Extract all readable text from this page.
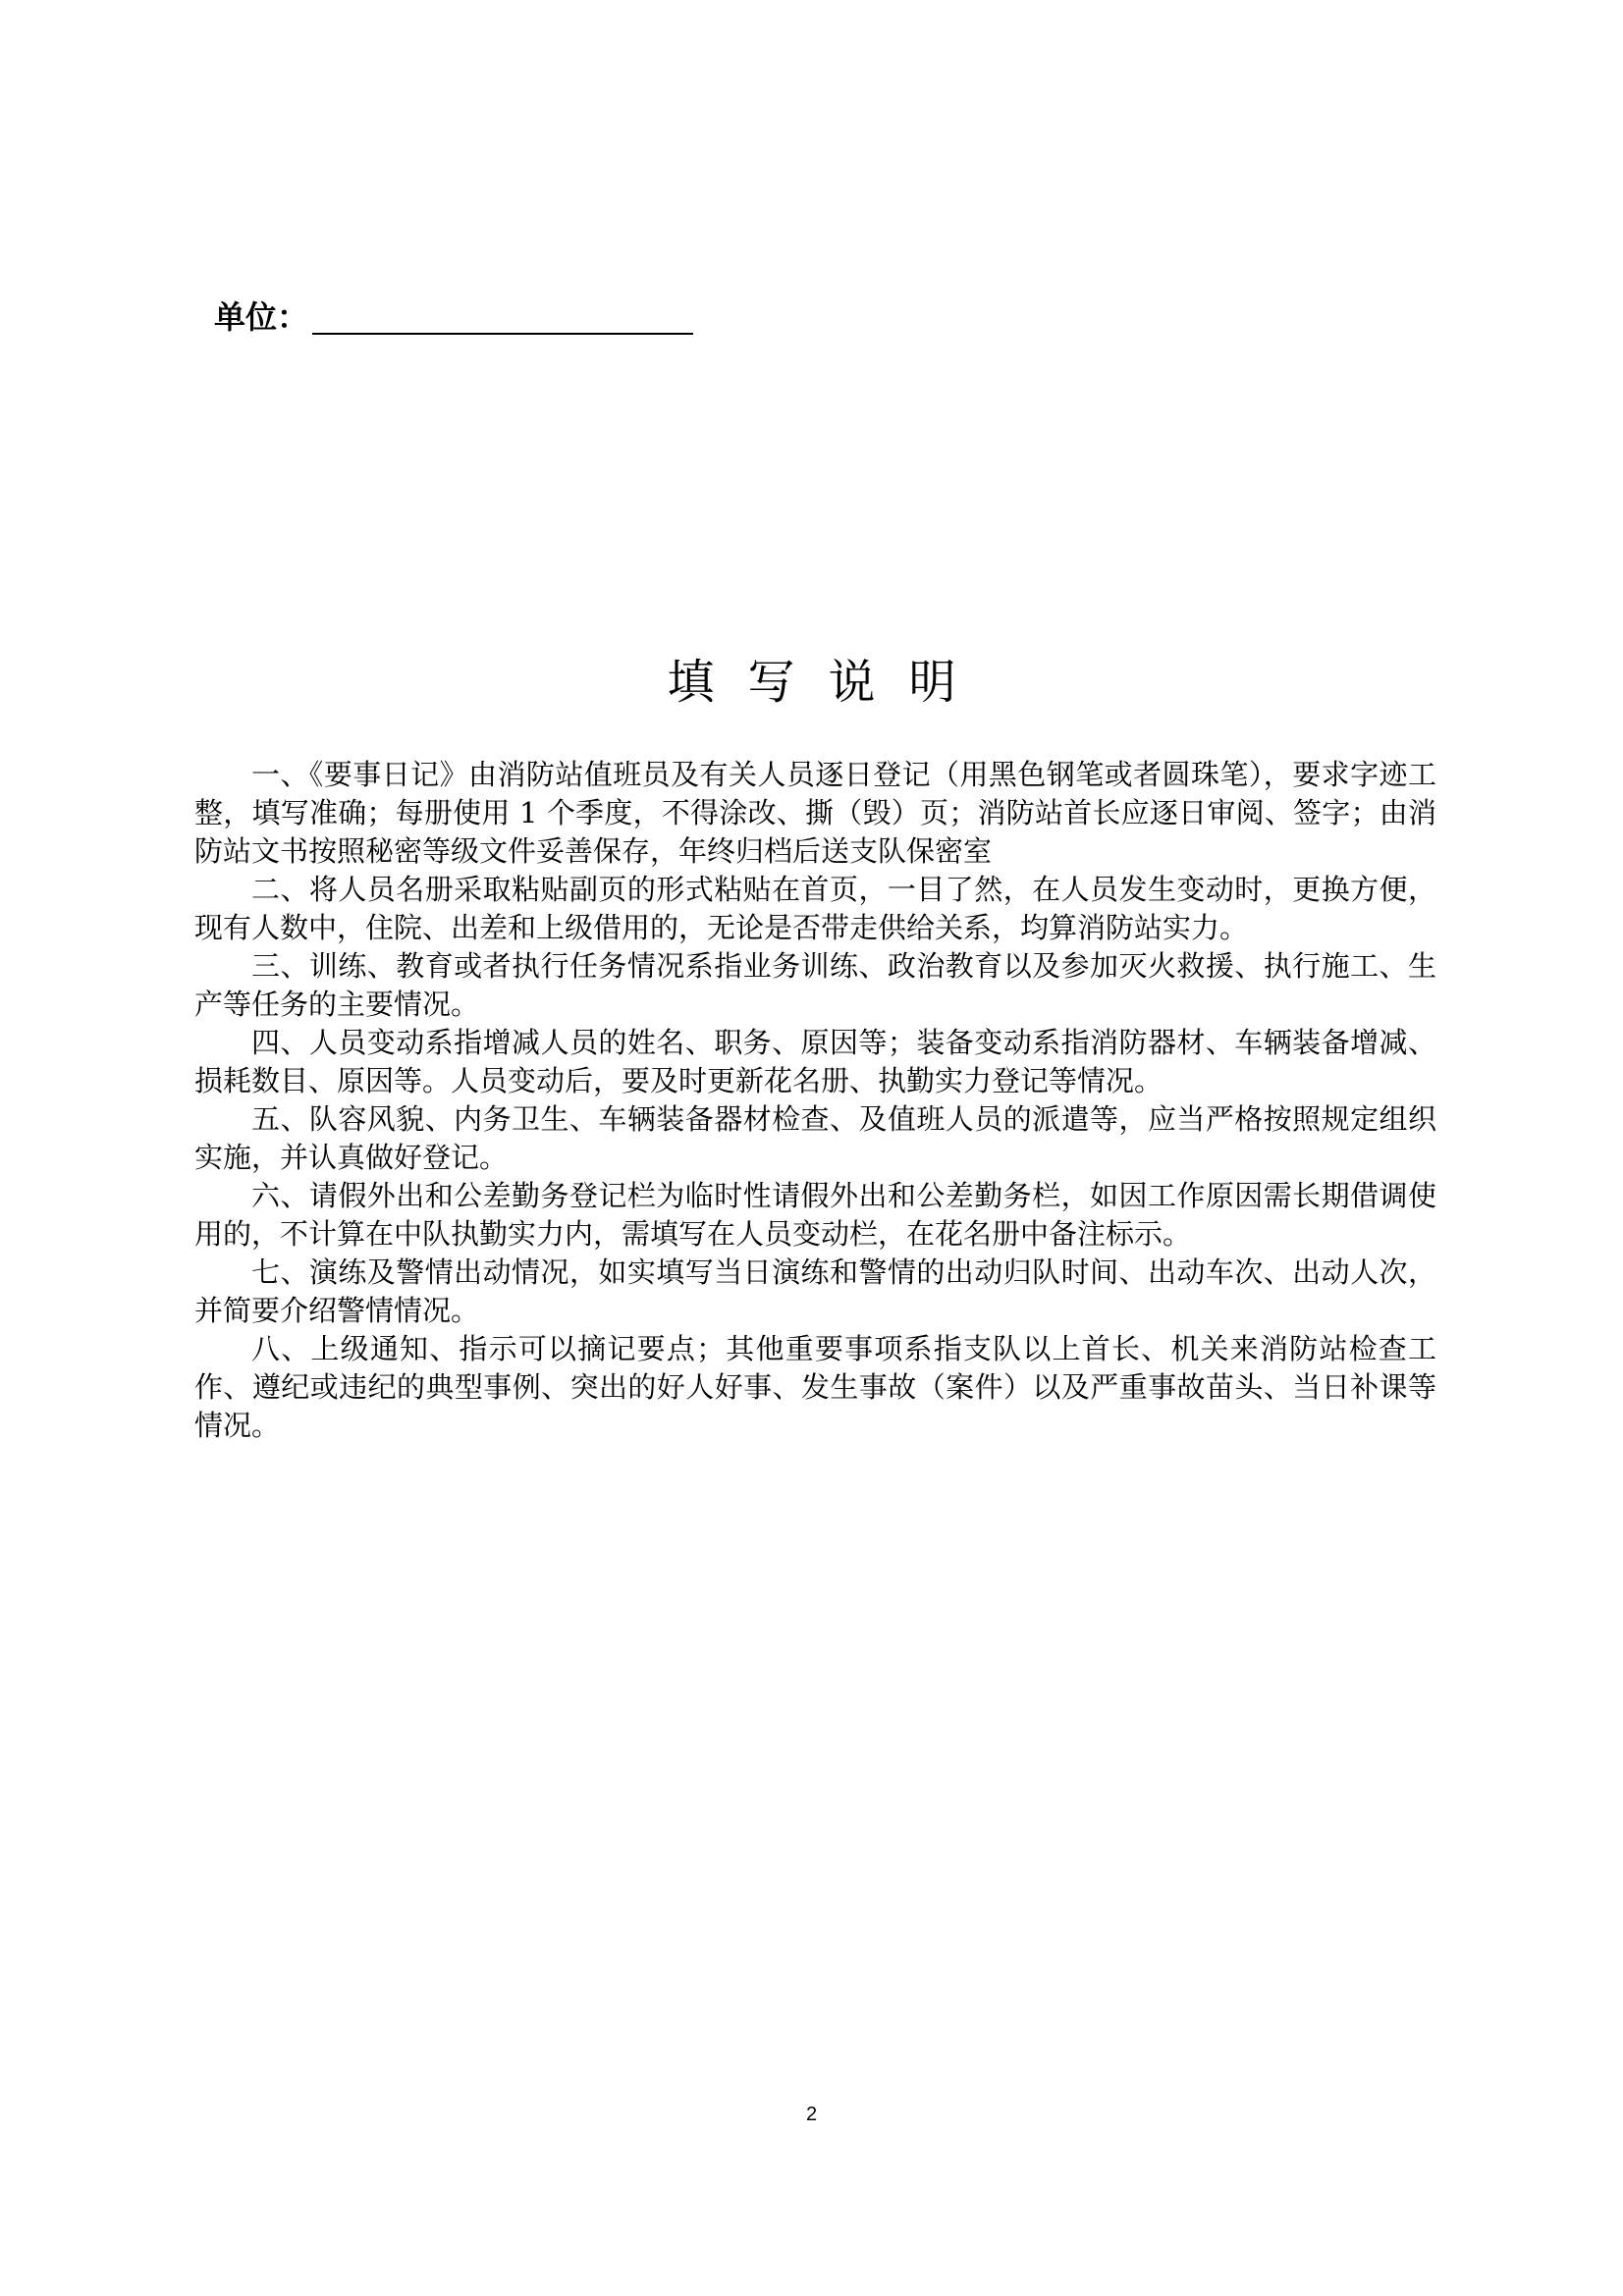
单位：
填写说明

一、《要事日记》由消防站值班员及有关人员逐日登记（用黑色钢笔或者圆珠笔），要求字迹工整，填写准确；每册使用 1 个季度，不得涂改、撕（毁）页；消防站首长应逐日审阅、签字；由消防站文书按照秘密等级文件妥善保存，年终归档后送支队保密室

二、将人员名册采取粘贴副页的形式粘贴在首页，一目了然，在人员发生变动时，更换方便，现有人数中，住院、出差和上级借用的，无论是否带走供给关系，均算消防站实力。

三、训练、教育或者执行任务情况系指业务训练、政治教育以及参加灭火救援、执行施工、生产等任务的主要情况。

四、人员变动系指增减人员的姓名、职务、原因等；装备变动系指消防器材、车辆装备增减、损耗数目、原因等。人员变动后，要及时更新花名册、执勤实力登记等情况。

五、队容风貌、内务卫生、车辆装备器材检查、及值班人员的派遣等，应当严格按照规定组织实施，并认真做好登记。

六、请假外出和公差勤务登记栏为临时性请假外出和公差勤务栏，如因工作原因需长期借调使用的，不计算在中队执勤实力内，需填写在人员变动栏，在花名册中备注标示。

七、演练及警情出动情况，如实填写当日演练和警情的出动归队时间、出动车次、出动人次，并简要介绍警情情况。

八、上级通知、指示可以摘记要点；其他重要事项系指支队以上首长、机关来消防站检查工作、遵纪或违纪的典型事例、突出的好人好事、发生事故（案件）以及严重事故苗头、当日补课等情况。

2
